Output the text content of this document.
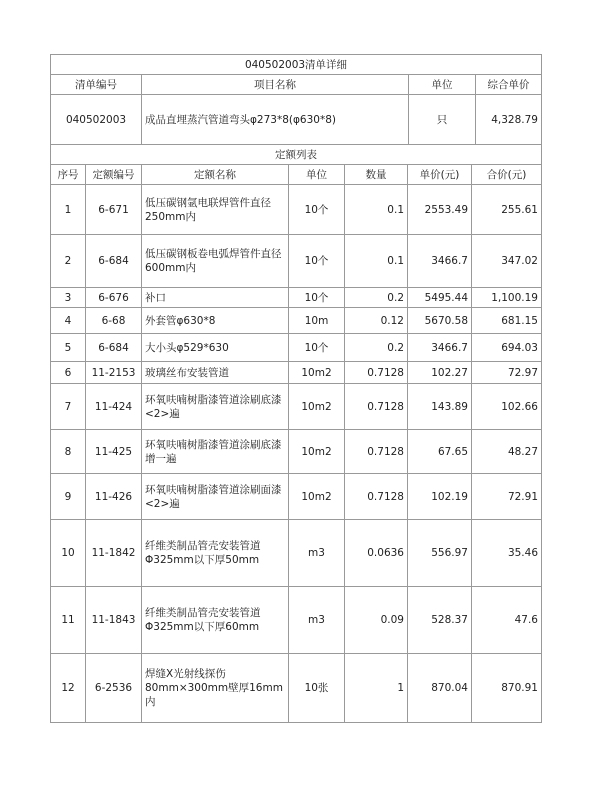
040502003清单详细			
清单编号	项目名称	单位	综合单价
040502003	成品直埋蒸汽管道弯头φ273*8(φ630*8)	只	4,328.79
定额列表						
序号	定额编号	定额名称	单位	数量	单价(元)	合价(元)
1	6-671	低压碳钢氩电联焊管件直径250mm内	10个	0.1	2553.49	255.61
2	6-684	低压碳钢板卷电弧焊管件直径600mm内	10个	0.1	3466.7	347.02
3	6-676	补口	10个	0.2	5495.44	1,100.19
4	6-68	外套管φ630*8	10m	0.12	5670.58	681.15
5	6-684	大小头φ529*630	10个	0.2	3466.7	694.03
6	11-2153	玻璃丝布安装管道	10m2	0.7128	102.27	72.97
7	11-424	环氧呋喃树脂漆管道涂刷底漆<2>遍	10m2	0.7128	143.89	102.66
8	11-425	环氧呋喃树脂漆管道涂刷底漆增一遍	10m2	0.7128	67.65	48.27
9	11-426	环氧呋喃树脂漆管道涂刷面漆<2>遍	10m2	0.7128	102.19	72.91
10	11-1842	纤维类制品管壳安装管道Φ325mm以下厚50mm	m3	0.0636	556.97	35.46
11	11-1843	纤维类制品管壳安装管道Φ325mm以下厚60mm	m3	0.09	528.37	47.6
12	6-2536	焊缝X光射线探伤80mm×300mm壁厚16mm内	10张	1	870.04	870.91
